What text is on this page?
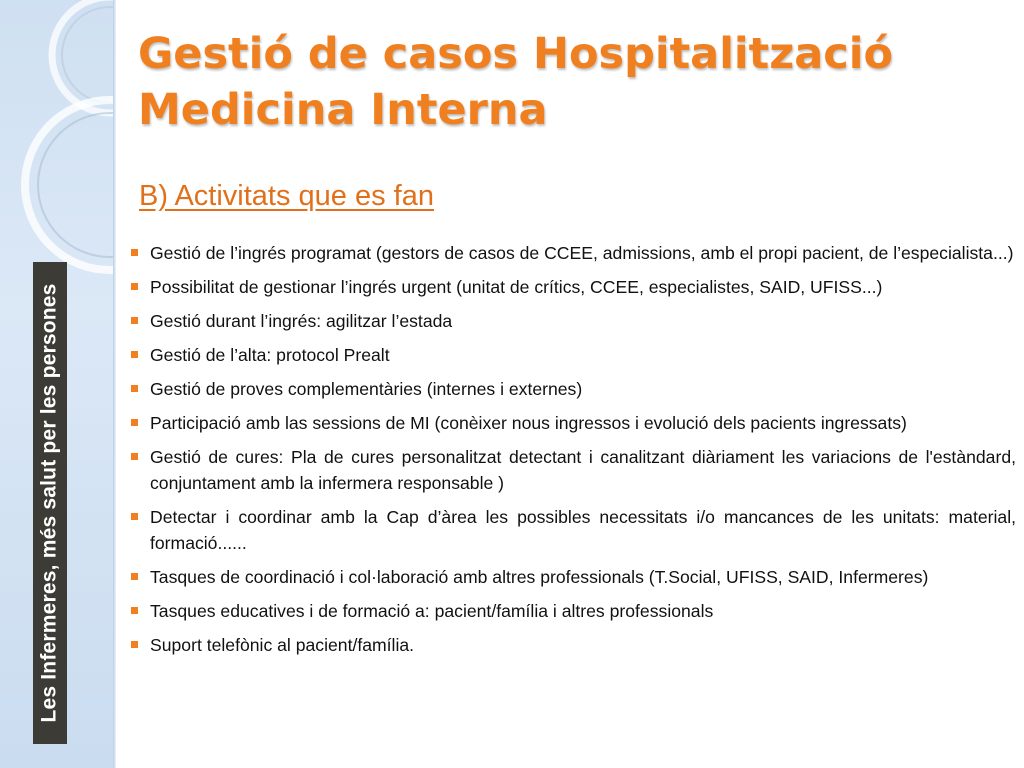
Les Infermeres, més salut per les persones
Gestió de casos Hospitalització
Medicina Interna
B) Activitats que es fan
Gestió de l’ingrés programat (gestors de casos de CCEE, admissions, amb el propi pacient, de l’especialista...)
Possibilitat de gestionar l’ingrés urgent (unitat de crítics, CCEE, especialistes, SAID, UFISS...)
Gestió durant l’ingrés: agilitzar l’estada
Gestió de l’alta: protocol Prealt
Gestió de proves complementàries (internes i externes)
Participació amb las sessions de MI (conèixer nous ingressos i evolució dels pacients ingressats)
Gestió de cures: Pla de cures personalitzat detectant i canalitzant diàriament les variacions de l'estàndard, conjuntament amb la infermera responsable )
Detectar i coordinar amb la Cap d’àrea les possibles necessitats i/o mancances de les unitats: material, formació......
Tasques de coordinació i col·laboració amb altres professionals (T.Social, UFISS, SAID, Infermeres)
Tasques educatives i de formació a: pacient/família i altres professionals
Suport telefònic al pacient/família.
